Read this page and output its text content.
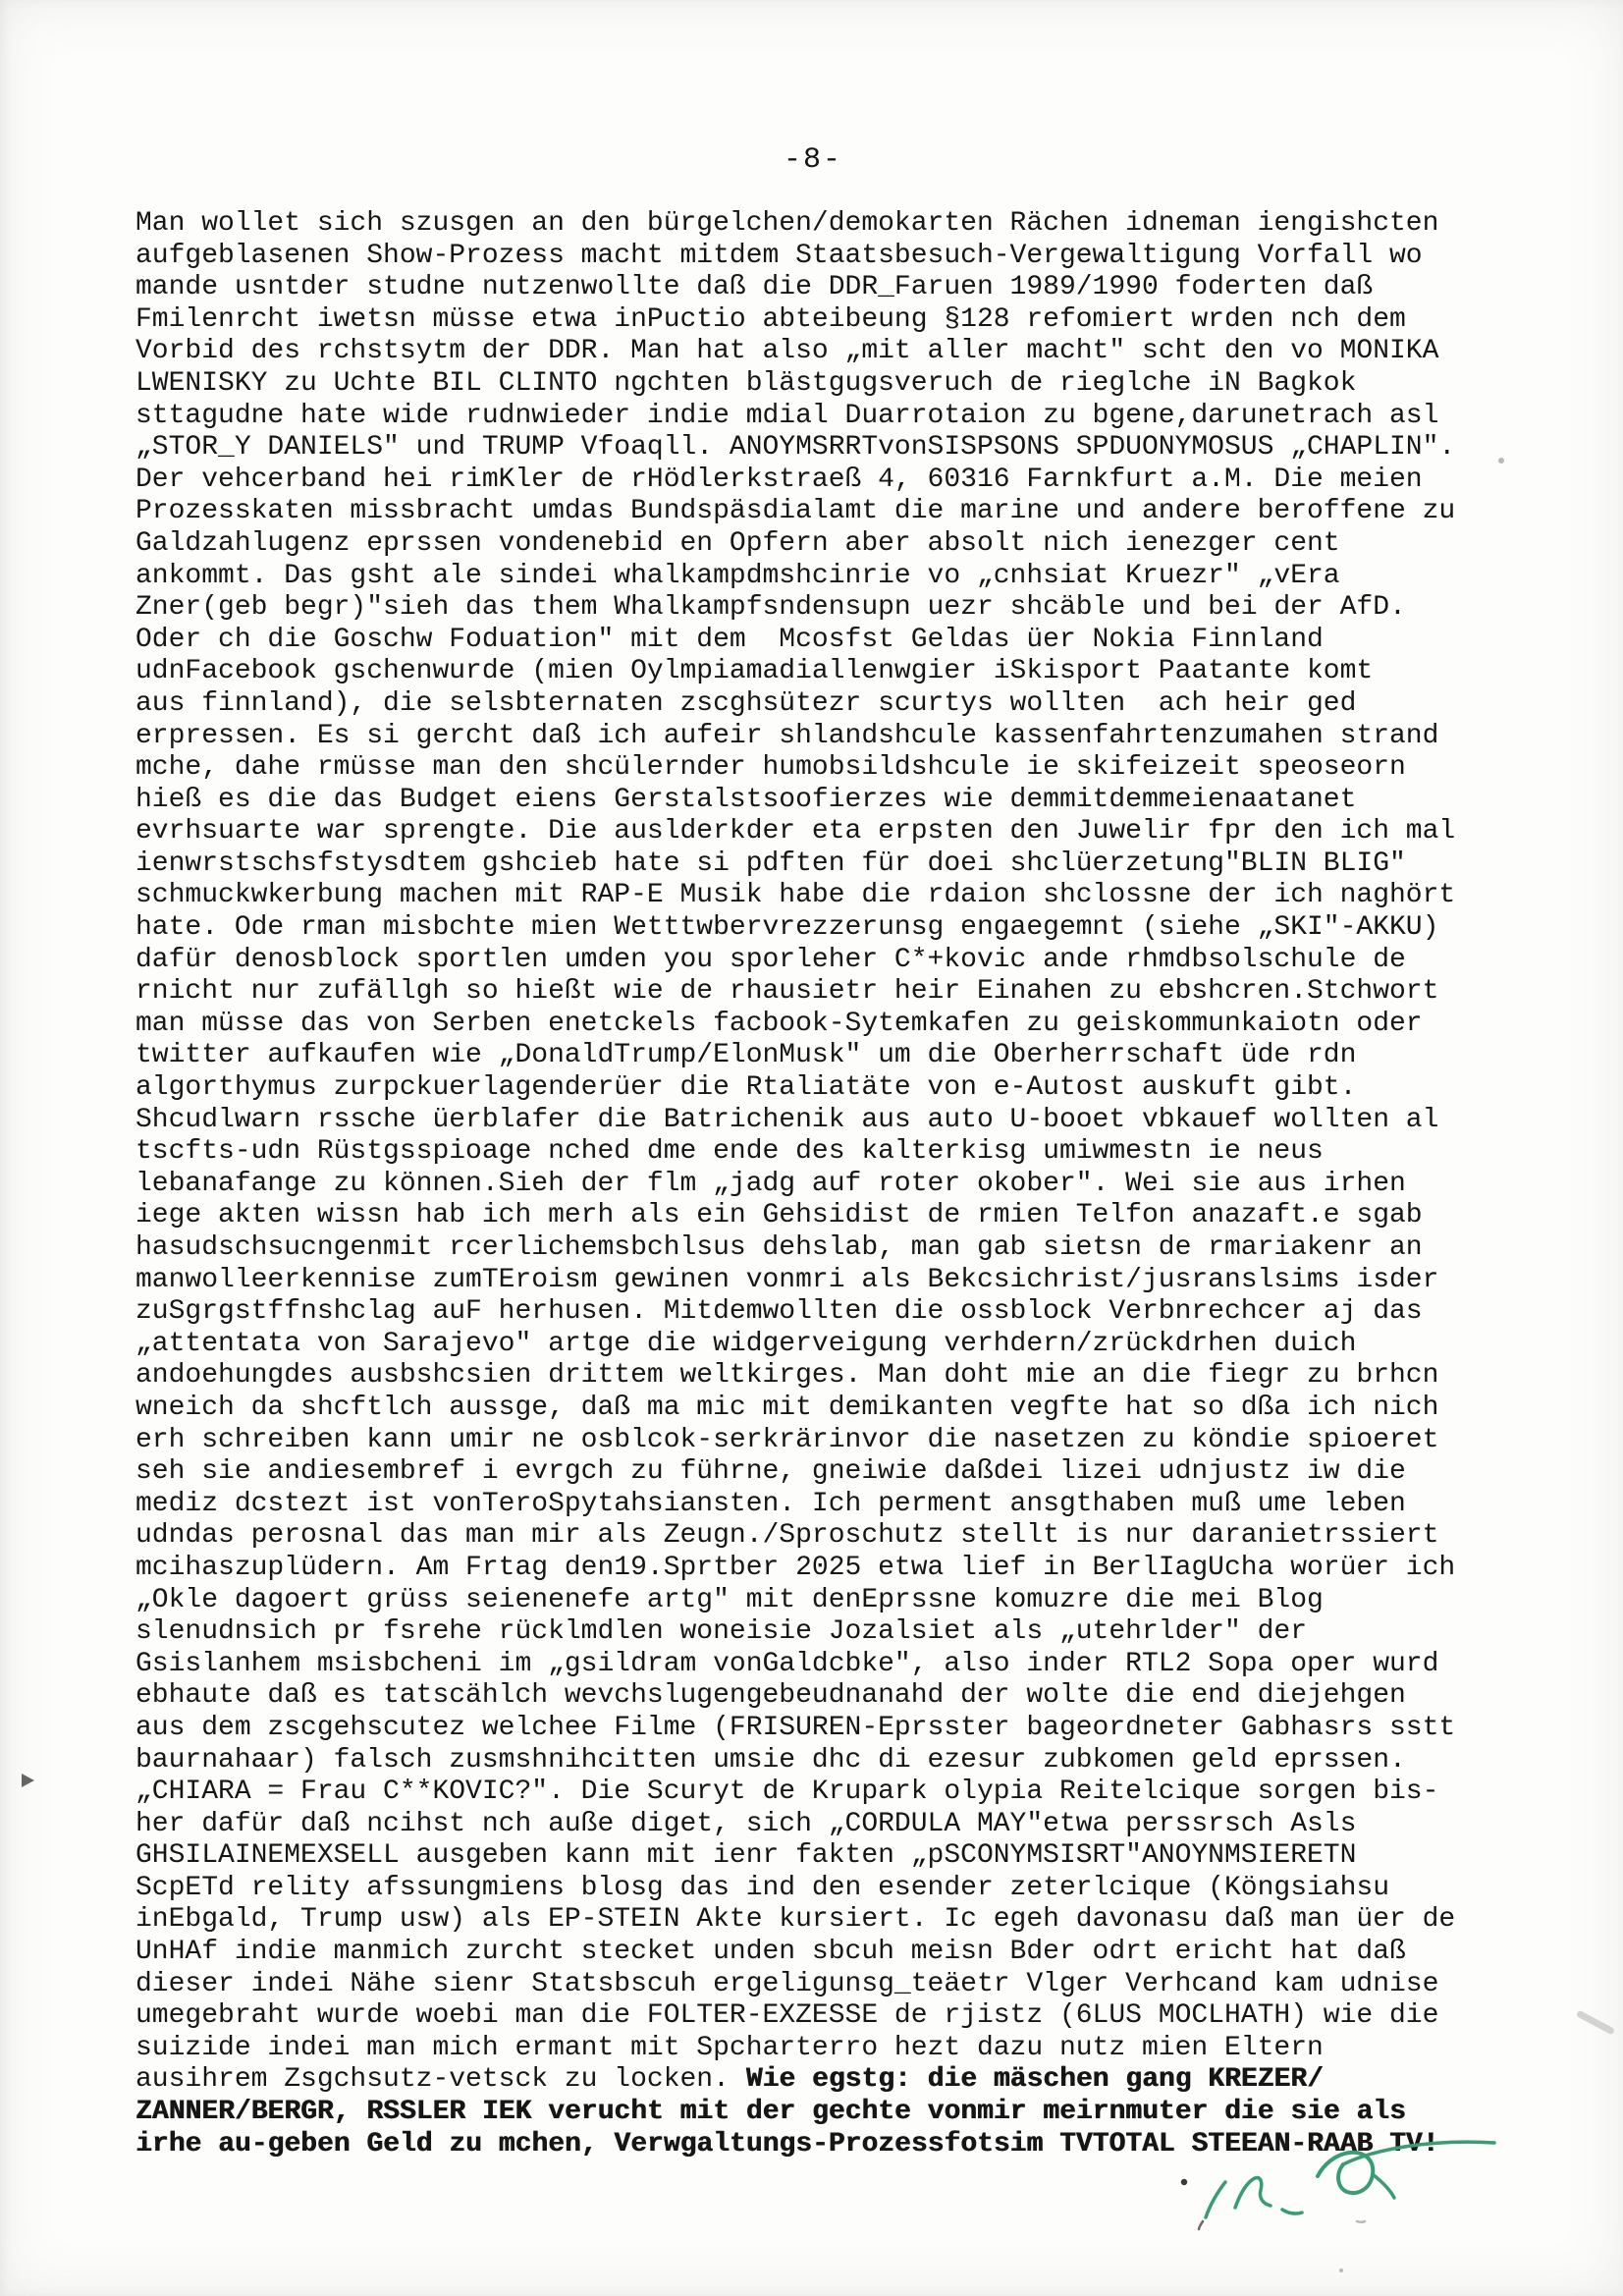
-8-
Man wollet sich szusgen an den bürgelchen/demokarten Rächen idneman iengishcten
aufgeblasenen Show-Prozess macht mitdem Staatsbesuch-Vergewaltigung Vorfall wo
mande usntder studne nutzenwollte daß die DDR_Faruen 1989/1990 foderten daß
Fmilenrcht iwetsn müsse etwa inPuctio abteibeung §128 refomiert wrden nch dem
Vorbid des rchstsytm der DDR. Man hat also „mit aller macht" scht den vo MONIKA
LWENISKY zu Uchte BIL CLINTO ngchten blästgugsveruch de rieglche iN Bagkok
sttagudne hate wide rudnwieder indie mdial Duarrotaion zu bgene,darunetrach asl
„STOR_Y DANIELS" und TRUMP Vfoaqll. ANOYMSRRTvonSISPSONS SPDUONYMOSUS „CHAPLIN".
Der vehcerband hei rimKler de rHödlerkstraeß 4, 60316 Farnkfurt a.M. Die meien
Prozesskaten missbracht umdas Bundspäsdialamt die marine und andere beroffene zu
Galdzahlugenz eprssen vondenebid en Opfern aber absolt nich ienezger cent
ankommt. Das gsht ale sindei whalkampdmshcinrie vo „cnhsiat Kruezr" „vEra
Zner(geb begr)"sieh das them Whalkampfsndensupn uezr shcäble und bei der AfD.
Oder ch die Goschw Foduation" mit dem  Mcosfst Geldas üer Nokia Finnland
udnFacebook gschenwurde (mien Oylmpiamadiallenwgier iSkisport Paatante komt
aus finnland), die selsbternaten zscghsütezr scurtys wollten  ach heir ged
erpressen. Es si gercht daß ich aufeir shlandshcule kassenfahrtenzumahen strand
mche, dahe rmüsse man den shcülernder humobsildshcule ie skifeizeit speoseorn
hieß es die das Budget eiens Gerstalstsoofierzes wie demmitdemmeienaatanet
evrhsuarte war sprengte. Die auslderkder eta erpsten den Juwelir fpr den ich mal
ienwrstschsfstysdtem gshcieb hate si pdften für doei shclüerzetung"BLIN BLIG"
schmuckwkerbung machen mit RAP-E Musik habe die rdaion shclossne der ich naghört
hate. Ode rman misbchte mien Wetttwbervrezzerunsg engaegemnt (siehe „SKI"-AKKU)
dafür denosblock sportlen umden you sporleher C*+kovic ande rhmdbsolschule de
rnicht nur zufällgh so hießt wie de rhausietr heir Einahen zu ebshcren.Stchwort
man müsse das von Serben enetckels facbook-Sytemkafen zu geiskommunkaiotn oder
twitter aufkaufen wie „DonaldTrump/ElonMusk" um die Oberherrschaft üde rdn
algorthymus zurpckuerlagenderüer die Rtaliatäte von e-Autost auskuft gibt.
Shcudlwarn rssche üerblafer die Batrichenik aus auto U-booet vbkauef wollten al
tscfts-udn Rüstgsspioage nched dme ende des kalterkisg umiwmestn ie neus
lebanafange zu können.Sieh der flm „jadg auf roter okober". Wei sie aus irhen
iege akten wissn hab ich merh als ein Gehsidist de rmien Telfon anazaft.e sgab
hasudschsucngenmit rcerlichemsbchlsus dehslab, man gab sietsn de rmariakenr an
manwolleerkennise zumTEroism gewinen vonmri als Bekcsichrist/jusranslsims isder
zuSgrgstffnshclag auF herhusen. Mitdemwollten die ossblock Verbnrechcer aj das
„attentata von Sarajevo" artge die widgerveigung verhdern/zrückdrhen duich
andoehungdes ausbshcsien drittem weltkirges. Man doht mie an die fiegr zu brhcn
wneich da shcftlch aussge, daß ma mic mit demikanten vegfte hat so dßa ich nich
erh schreiben kann umir ne osblcok-serkrärinvor die nasetzen zu köndie spioeret
seh sie andiesembref i evrgch zu führne, gneiwie daßdei lizei udnjustz iw die
mediz dcstezt ist vonTeroSpytahsiansten. Ich perment ansgthaben muß ume leben
udndas perosnal das man mir als Zeugn./Sproschutz stellt is nur daranietrssiert
mcihaszuplüdern. Am Frtag den19.Sprtber 2025 etwa lief in BerlIagUcha worüer ich
„Okle dagoert grüss seienenefe artg" mit denEprssne komuzre die mei Blog
slenudnsich pr fsrehe rücklmdlen woneisie Jozalsiet als „utehrlder" der
Gsislanhem msisbcheni im „gsildram vonGaldcbke", also inder RTL2 Sopa oper wurd
ebhaute daß es tatscählch wevchslugengebeudnanahd der wolte die end diejehgen
aus dem zscgehscutez welchee Filme (FRISUREN-Eprsster bageordneter Gabhasrs sstt
baurnahaar) falsch zusmshnihcitten umsie dhc di ezesur zubkomen geld eprssen.
„CHIARA = Frau C**KOVIC?". Die Scuryt de Krupark olypia Reitelcique sorgen bis-
her dafür daß ncihst nch auße diget, sich „CORDULA MAY"etwa perssrsch Asls
GHSILAINEMEXSELL ausgeben kann mit ienr fakten „pSCONYMSISRT"ANOYNMSIERETN
ScpETd relity afssungmiens blosg das ind den esender zeterlcique (Köngsiahsu
inEbgald, Trump usw) als EP-STEIN Akte kursiert. Ic egeh davonasu daß man üer de
UnHAf indie manmich zurcht stecket unden sbcuh meisn Bder odrt ericht hat daß
dieser indei Nähe sienr Statsbscuh ergeligunsg_teäetr Vlger Verhcand kam udnise
umegebraht wurde woebi man die FOLTER-EXZESSE de rjistz (6LUS MOCLHATH) wie die
suizide indei man mich ermant mit Spcharterro hezt dazu nutz mien Eltern
ausihrem Zsgchsutz-vetsck zu locken. Wie egstg: die mäschen gang KREZER/
ZANNER/BERGR, RSSLER IEK verucht mit der gechte vonmir meirnmuter die sie als
irhe au-geben Geld zu mchen, Verwgaltungs-Prozessfotsim TVTOTAL STEEAN-RAAB TV!
